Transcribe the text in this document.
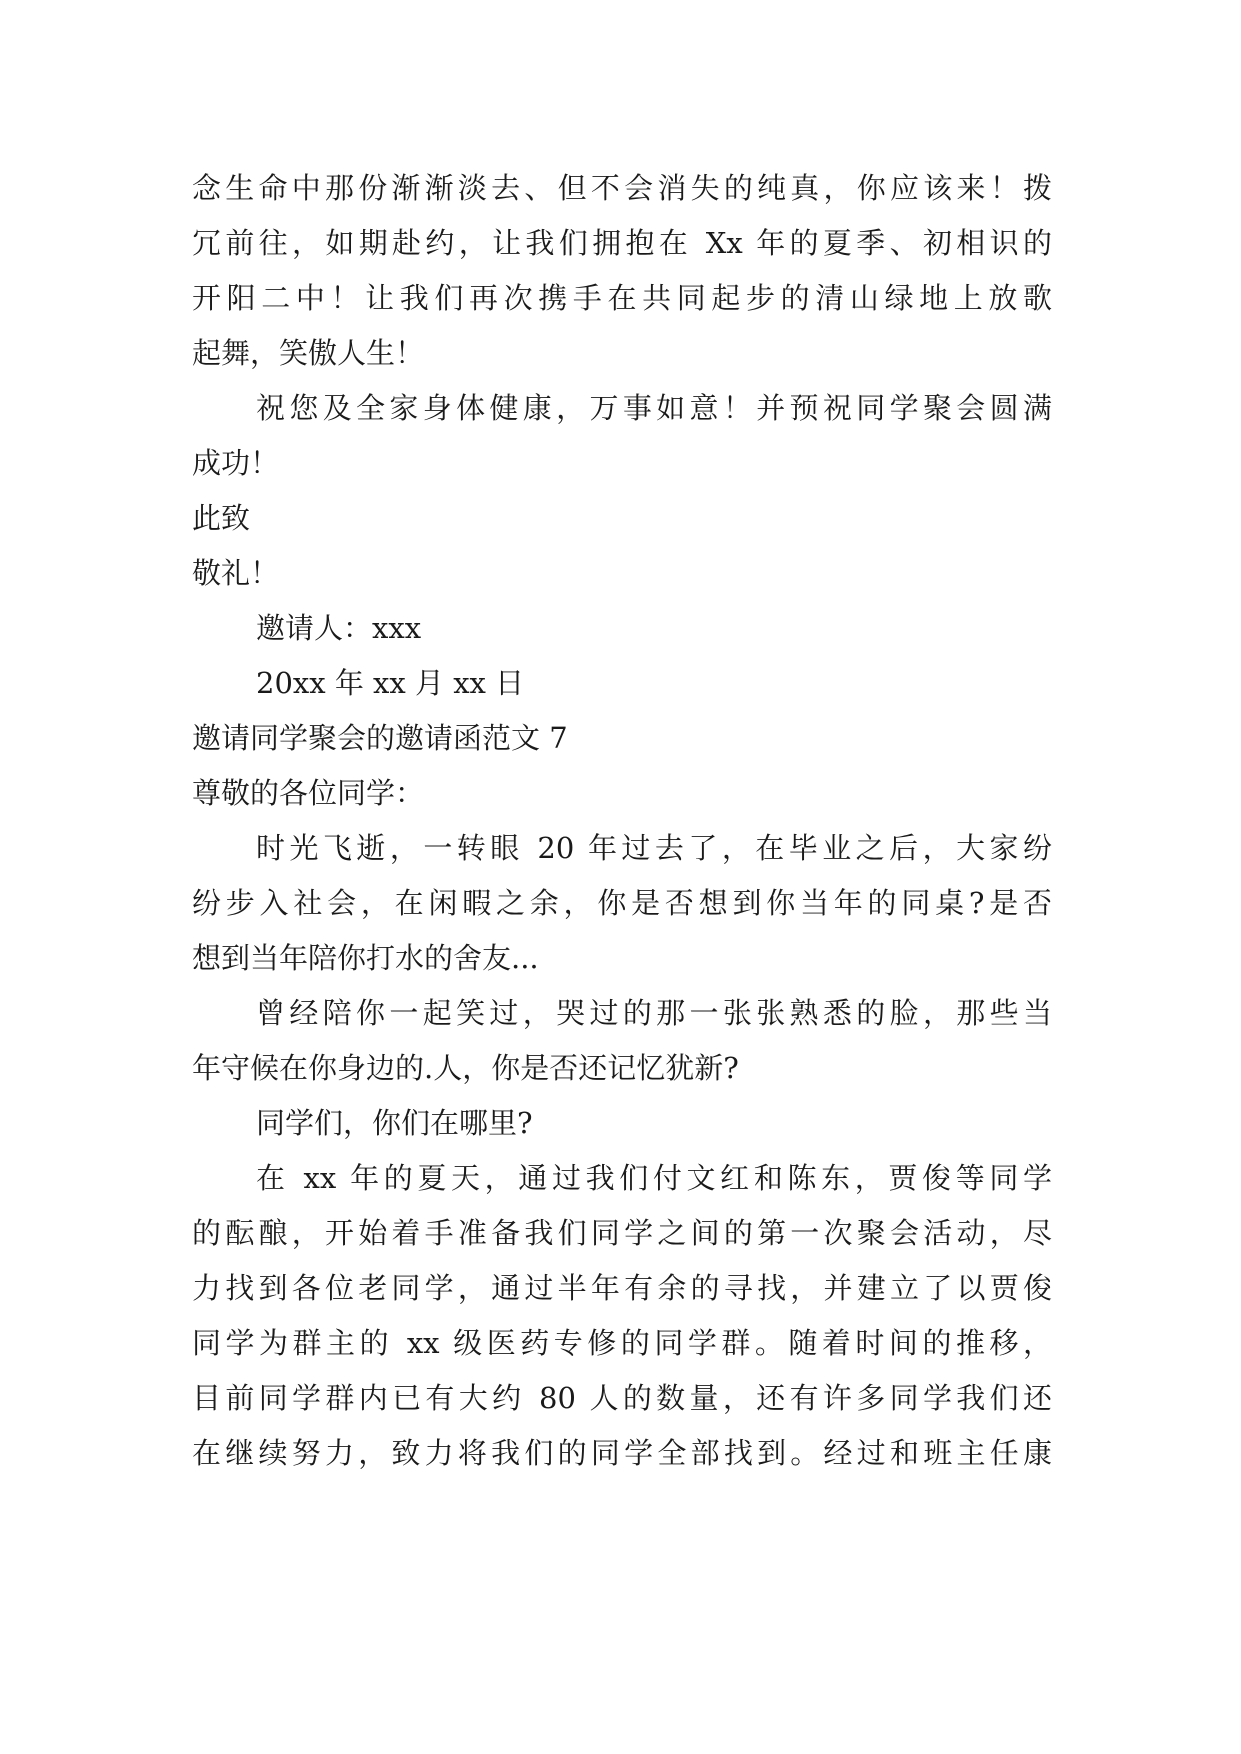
念生命中那份渐渐淡去、但不会消失的纯真，你应该来！拨
冗前往，如期赴约，让我们拥抱在 Xx 年的夏季、初相识的
开阳二中！让我们再次携手在共同起步的清山绿地上放歌
起舞，笑傲人生！
祝您及全家身体健康，万事如意！并预祝同学聚会圆满
成功！
此致
敬礼！
邀请人：xxx
20xx 年 xx 月 xx 日
邀请同学聚会的邀请函范文 7
尊敬的各位同学：
时光飞逝，一转眼 20 年过去了，在毕业之后，大家纷
纷步入社会，在闲暇之余，你是否想到你当年的同桌?是否
想到当年陪你打水的舍友...
曾经陪你一起笑过，哭过的那一张张熟悉的脸，那些当
年守候在你身边的.人，你是否还记忆犹新?
同学们，你们在哪里?
在 xx 年的夏天，通过我们付文红和陈东，贾俊等同学
的酝酿，开始着手准备我们同学之间的第一次聚会活动，尽
力找到各位老同学，通过半年有余的寻找，并建立了以贾俊
同学为群主的 xx 级医药专修的同学群。随着时间的推移，
目前同学群内已有大约 80 人的数量，还有许多同学我们还
在继续努力，致力将我们的同学全部找到。经过和班主任康
